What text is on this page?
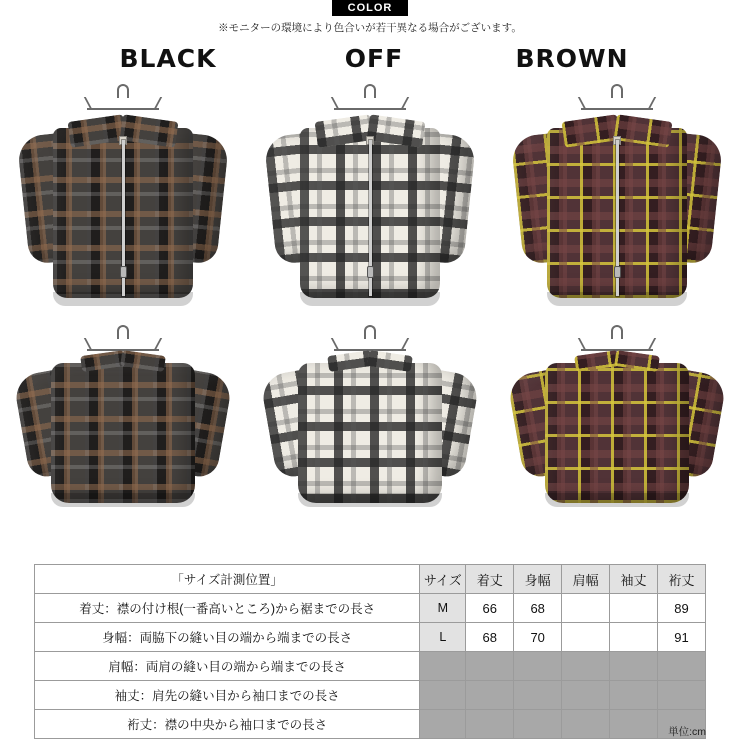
COLOR
※モニターの環境により色合いが若干異なる場合がございます。
BLACK	OFF	BROWN
「サイズ計測位置」	サイズ	着丈	身幅	肩幅	袖丈	裄丈
着丈：襟の付け根(一番高いところ)から裾までの長さ	M	66	68			89
身幅：両脇下の縫い目の端から端までの長さ	L	68	70			91
肩幅：両肩の縫い目の端から端までの長さ						
袖丈：肩先の縫い目から袖口までの長さ						
裄丈：襟の中央から袖口までの長さ							単位:cm
